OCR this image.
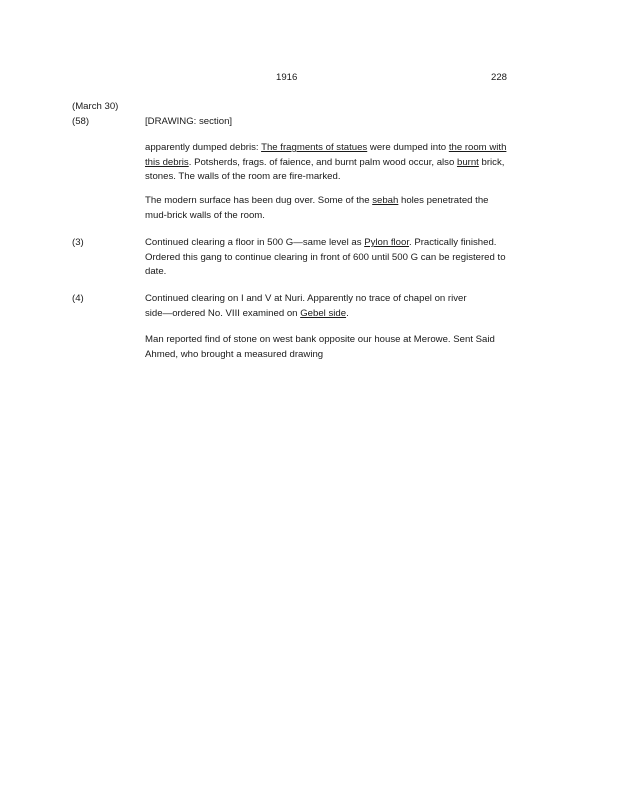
1916	228
(March 30)
(58)	[DRAWING: section]
apparently dumped debris: The fragments of statues were dumped into the room with
this debris. Potsherds, frags. of faience, and burnt palm wood occur, also burnt brick,
stones. The walls of the room are fire-marked.
The modern surface has been dug over. Some of the sebah holes penetrated the
mud-brick walls of the room.
(3)	Continued clearing a floor in 500 G—same level as Pylon floor. Practically finished.
Ordered this gang to continue clearing in front of 600 until 500 G can be registered to
date.
(4)	Continued clearing on I and V at Nuri. Apparently no trace of chapel on river
side—ordered No. VIII examined on Gebel side.
Man reported find of stone on west bank opposite our house at Merowe. Sent Said
Ahmed, who brought a measured drawing
